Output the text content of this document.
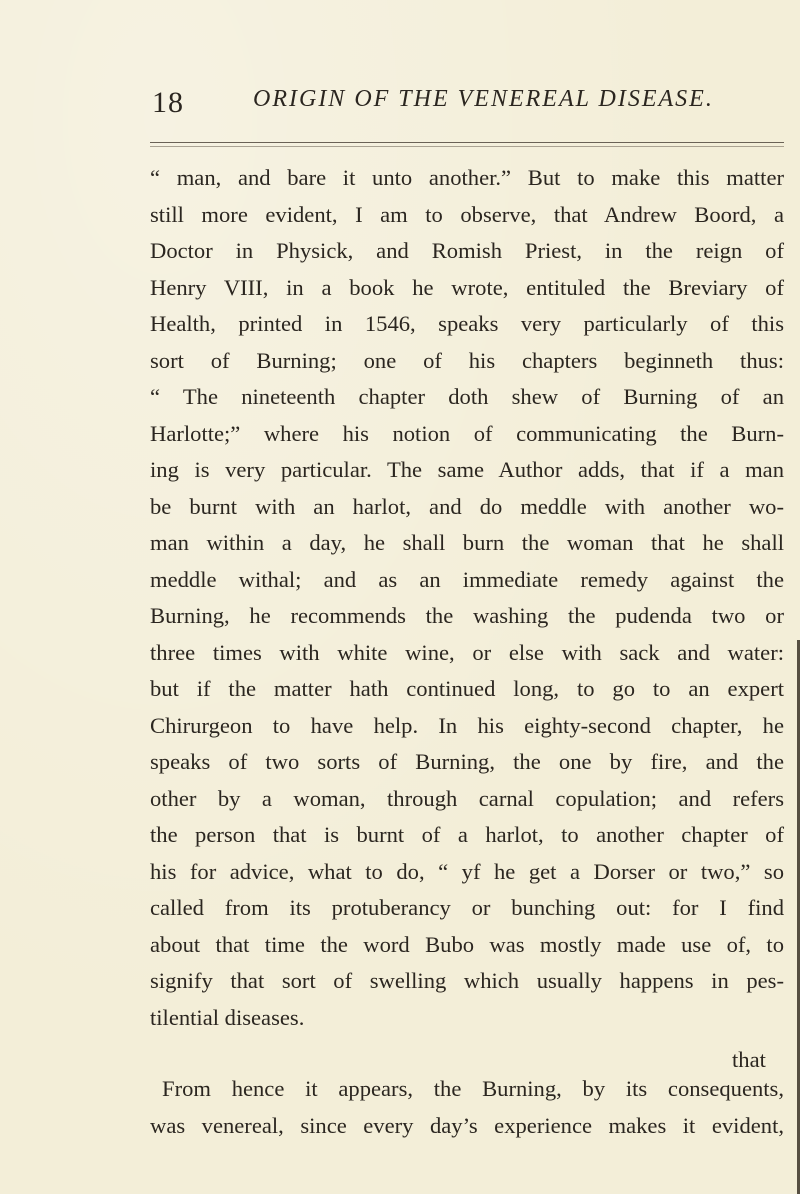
18	ORIGIN OF THE VENEREAL DISEASE.
“ man, and bare it unto another.” But to make this matter
still more evident, I am to observe, that Andrew Boord, a
Doctor in Physick, and Romish Priest, in the reign of
Henry VIII, in a book he wrote, entituled the Breviary of
Health, printed in 1546, speaks very particularly of this
sort of Burning; one of his chapters beginneth thus:
“ The nineteenth chapter doth shew of Burning of an
Harlotte;” where his notion of communicating the Burn-
ing is very particular. The same Author adds, that if a man
be burnt with an harlot, and do meddle with another wo-
man within a day, he shall burn the woman that he shall
meddle withal; and as an immediate remedy against the
Burning, he recommends the washing the pudenda two or
three times with white wine, or else with sack and water:
but if the matter hath continued long, to go to an expert
Chirurgeon to have help. In his eighty-second chapter, he
speaks of two sorts of Burning, the one by fire, and the
other by a woman, through carnal copulation; and refers
the person that is burnt of a harlot, to another chapter of
his for advice, what to do, “ yf he get a Dorser or two,” so
called from its protuberancy or bunching out: for I find
about that time the word Bubo was mostly made use of, to
signify that sort of swelling which usually happens in pes-
tilential diseases.
From hence it appears, the Burning, by its consequents,
was venereal, since every day’s experience makes it evident,
that
